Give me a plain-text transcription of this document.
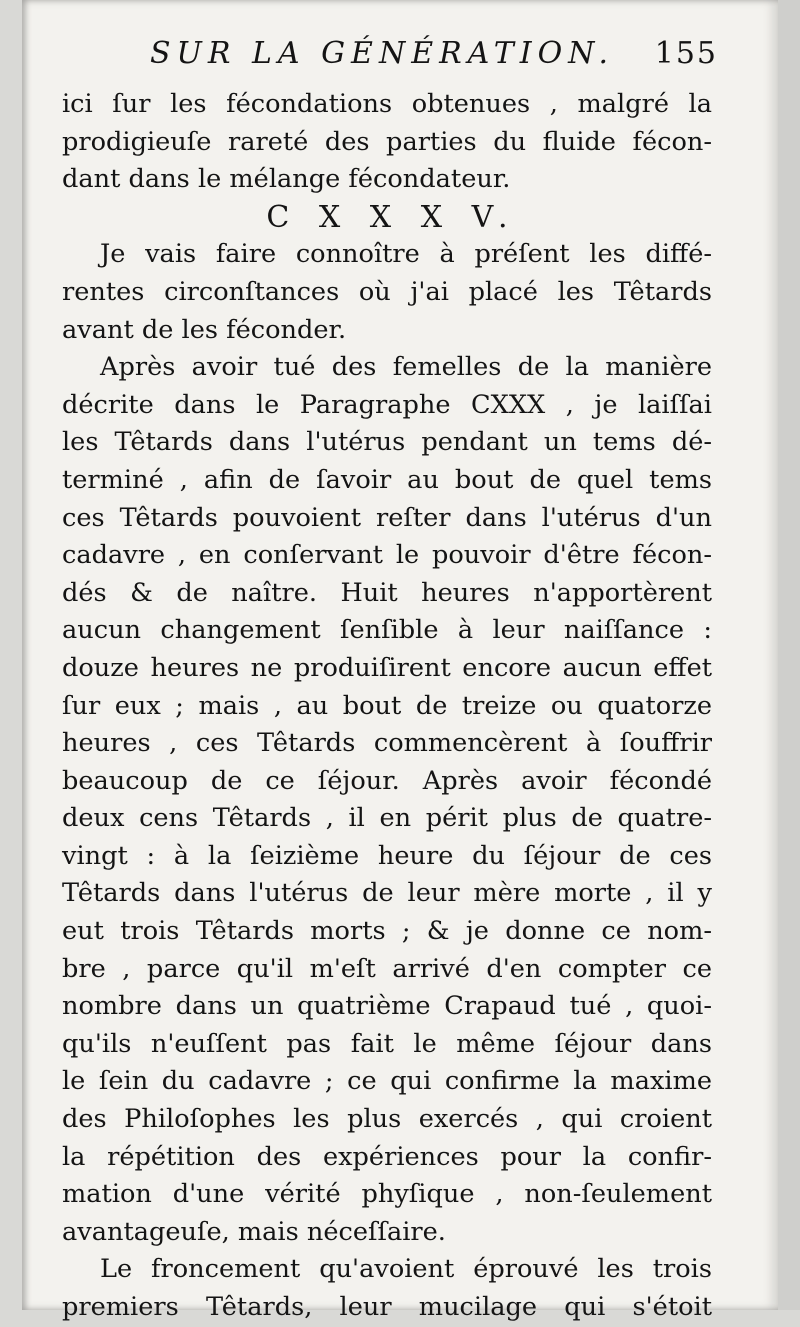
SUR LA GÉNÉRATION. 155
ici ſur les fécondations obtenues , malgré la
prodigieuſe rareté des parties du fluide fécon-
dant dans le mélange fécondateur.
C X X X V.
Je vais faire connoître à préſent les diffé-
rentes circonſtances où j'ai placé les Têtards
avant de les féconder.
Après avoir tué des femelles de la manière
décrite dans le Paragraphe CXXX , je laiſſai
les Têtards dans l'utérus pendant un tems dé-
terminé , afin de ſavoir au bout de quel tems
ces Têtards pouvoient reſter dans l'utérus d'un
cadavre , en conſervant le pouvoir d'être fécon-
dés & de naître. Huit heures n'apportèrent
aucun changement ſenſible à leur naiſſance :
douze heures ne produiſirent encore aucun effet
ſur eux ; mais , au bout de treize ou quatorze
heures , ces Têtards commencèrent à ſouffrir
beaucoup de ce ſéjour. Après avoir fécondé
deux cens Têtards , il en périt plus de quatre-
vingt : à la ſeizième heure du ſéjour de ces
Têtards dans l'utérus de leur mère morte , il y
eut trois Têtards morts ; & je donne ce nom-
bre , parce qu'il m'eſt arrivé d'en compter ce
nombre dans un quatrième Crapaud tué , quoi-
qu'ils n'euſſent pas fait le même ſéjour dans
le ſein du cadavre ; ce qui confirme la maxime
des Philoſophes les plus exercés , qui croient
la répétition des expériences pour la confir-
mation d'une vérité phyſique , non-ſeulement
avantageuſe, mais néceſſaire.
Le froncement qu'avoient éprouvé les trois
premiers Têtards, leur mucilage qui s'étoit
